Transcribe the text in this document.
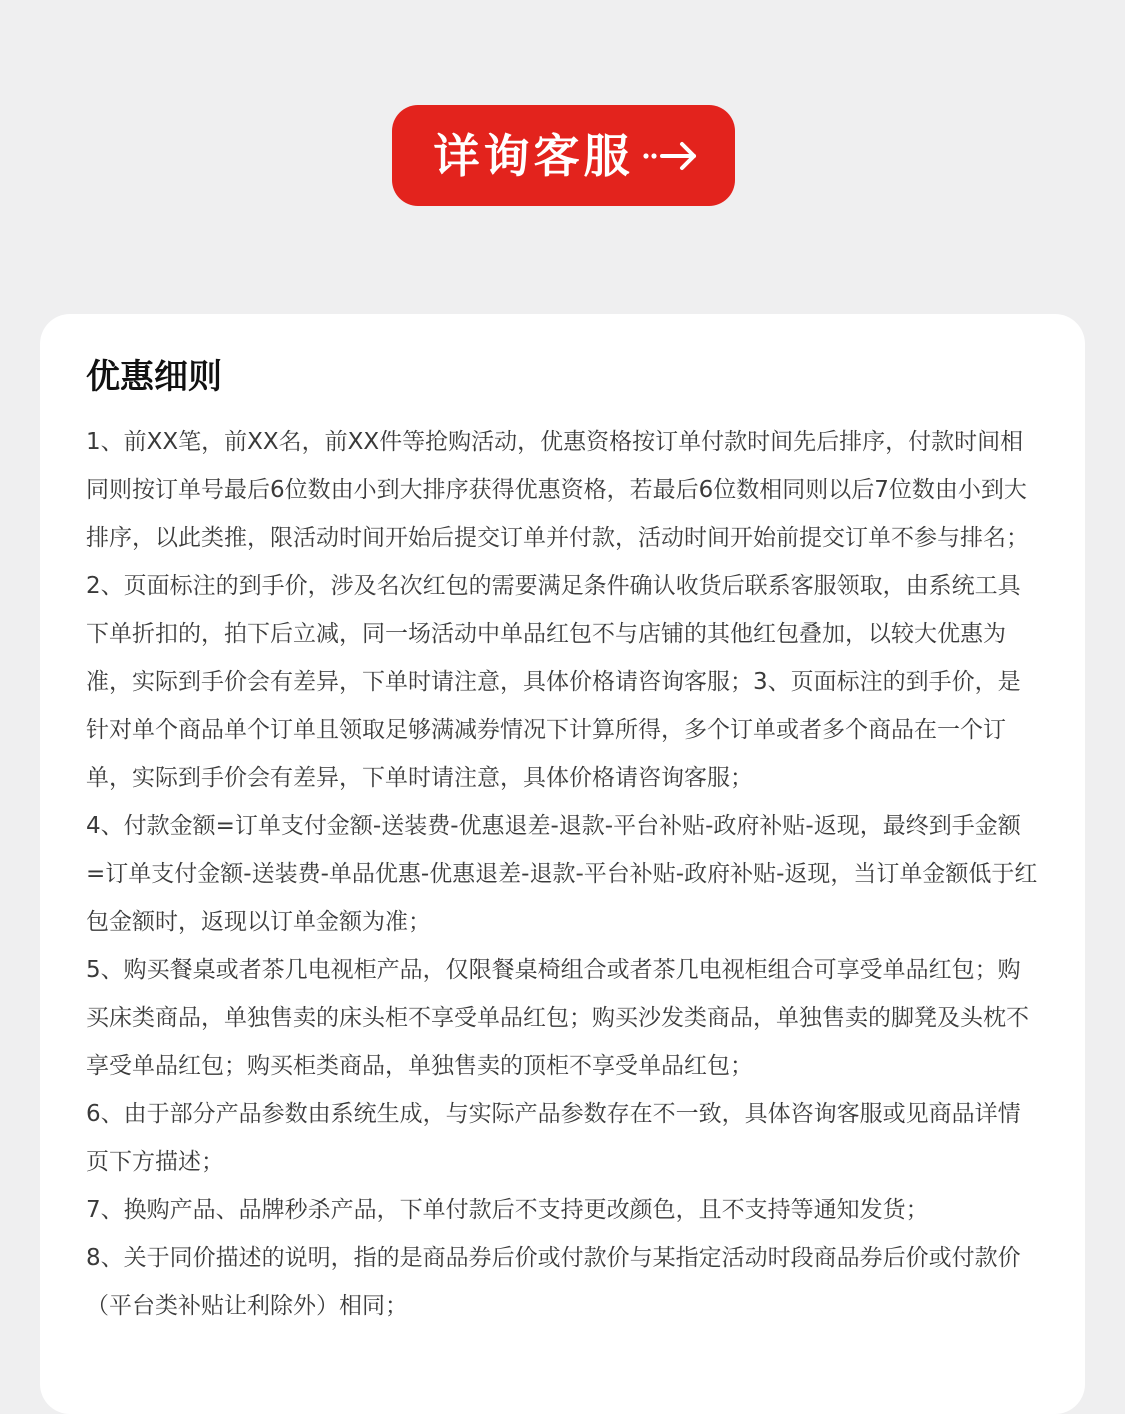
详询客服
优惠细则
1、前XX笔，前XX名，前XX件等抢购活动，优惠资格按订单付款时间先后排序，付款时间相同则按订单号最后6位数由小到大排序获得优惠资格，若最后6位数相同则以后7位数由小到大排序，以此类推，限活动时间开始后提交订单并付款，活动时间开始前提交订单不参与排名；
2、页面标注的到手价，涉及名次红包的需要满足条件确认收货后联系客服领取，由系统工具下单折扣的，拍下后立减，同一场活动中单品红包不与店铺的其他红包叠加，以较大优惠为准，实际到手价会有差异，下单时请注意，具体价格请咨询客服；3、页面标注的到手价，是针对单个商品单个订单且领取足够满减券情况下计算所得，多个订单或者多个商品在一个订单，实际到手价会有差异，下单时请注意，具体价格请咨询客服；
4、付款金额=订单支付金额-送装费-优惠退差-退款-平台补贴-政府补贴-返现，最终到手金额=订单支付金额-送装费-单品优惠-优惠退差-退款-平台补贴-政府补贴-返现，当订单金额低于红包金额时，返现以订单金额为准；
5、购买餐桌或者茶几电视柜产品，仅限餐桌椅组合或者茶几电视柜组合可享受单品红包；购买床类商品，单独售卖的床头柜不享受单品红包；购买沙发类商品，单独售卖的脚凳及头枕不享受单品红包；购买柜类商品，单独售卖的顶柜不享受单品红包；
6、由于部分产品参数由系统生成，与实际产品参数存在不一致，具体咨询客服或见商品详情页下方描述；
7、换购产品、品牌秒杀产品，下单付款后不支持更改颜色，且不支持等通知发货；
8、关于同价描述的说明，指的是商品券后价或付款价与某指定活动时段商品券后价或付款价（平台类补贴让利除外）相同；
